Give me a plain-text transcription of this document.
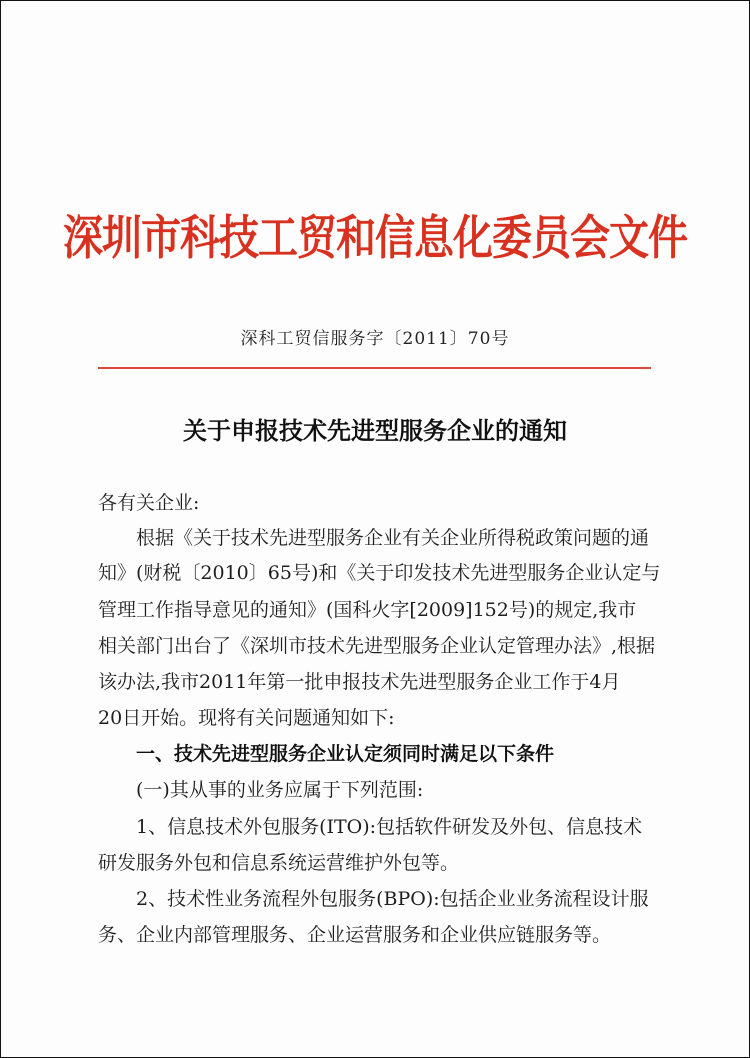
深圳市科技工贸和信息化委员会文件
深科工贸信服务字〔2011〕70号
关于申报技术先进型服务企业的通知
各有关企业:
根据《关于技术先进型服务企业有关企业所得税政策问题的通
知》(财税〔2010〕65号)和《关于印发技术先进型服务企业认定与
管理工作指导意见的通知》(国科火字[2009]152号)的规定,我市
相关部门出台了《深圳市技术先进型服务企业认定管理办法》,根据
该办法,我市2011年第一批申报技术先进型服务企业工作于4月
20日开始。现将有关问题通知如下:
一、技术先进型服务企业认定须同时满足以下条件
(一)其从事的业务应属于下列范围:
1、信息技术外包服务(ITO):包括软件研发及外包、信息技术
研发服务外包和信息系统运营维护外包等。
2、技术性业务流程外包服务(BPO):包括企业业务流程设计服
务、企业内部管理服务、企业运营服务和企业供应链服务等。
